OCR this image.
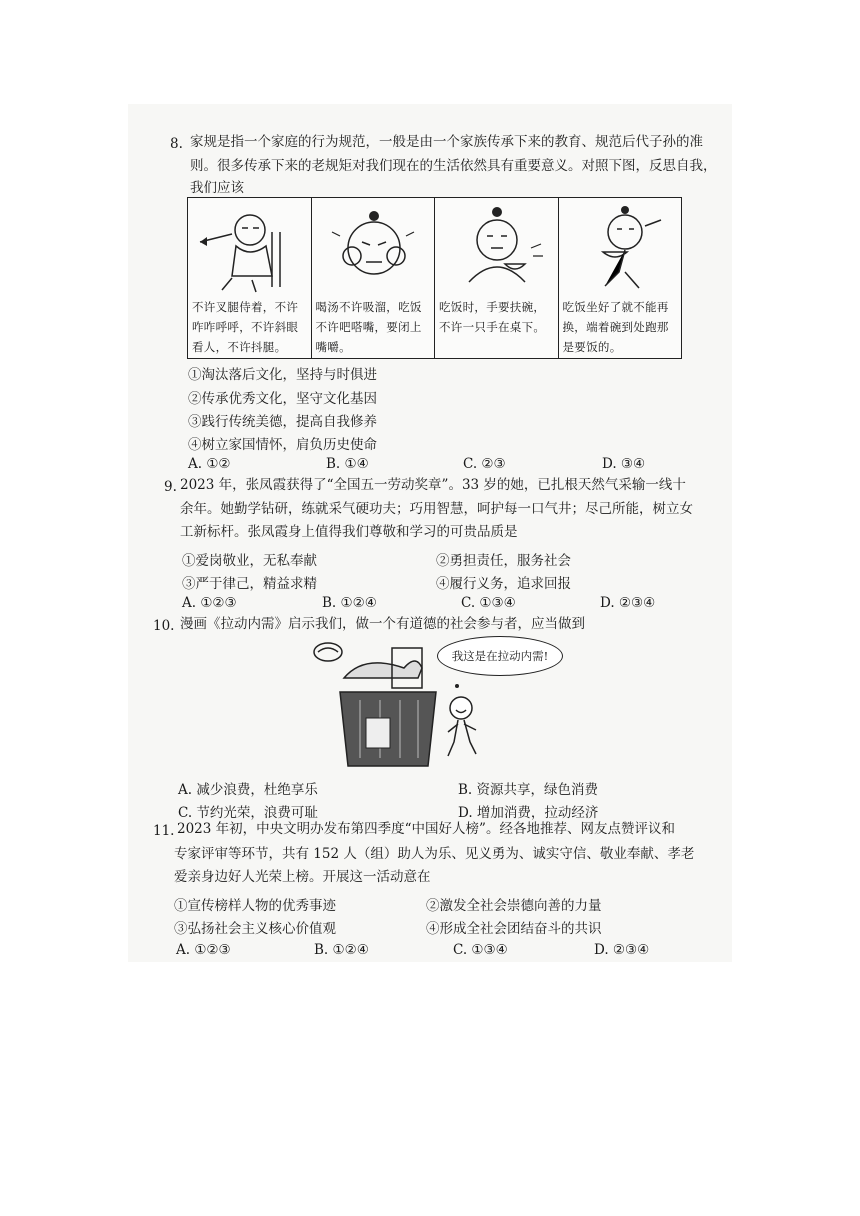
8. 家规是指一个家庭的行为规范，一般是由一个家族传承下来的教育、规范后代子孙的准
则。很多传承下来的老规矩对我们现在的生活依然具有重要意义。对照下图，反思自我，
我们应该
不许叉腿侍着，不许咋咋呼呼，不许斜眼看人，不许抖腿。
喝汤不许吸溜，吃饭不许吧嗒嘴，要闭上嘴嚼。
吃饭时，手要扶碗，不许一只手在桌下。
吃饭坐好了就不能再换，端着碗到处跑那是要饭的。
①淘汰落后文化，坚持与时俱进
②传承优秀文化，坚守文化基因
③践行传统美德，提高自我修养
④树立家国情怀，肩负历史使命
A. ①②	B. ①④	C. ②③	D. ③④
9. 2023 年，张凤霞获得了“全国五一劳动奖章”。33 岁的她，已扎根天然气采输一线十
余年。她勤学钻研，练就采气硬功夫；巧用智慧，呵护每一口气井；尽己所能，树立女
工新标杆。张凤霞身上值得我们尊敬和学习的可贵品质是
①爱岗敬业，无私奉献	②勇担责任，服务社会
③严于律己，精益求精	④履行义务，追求回报
A. ①②③	B. ①②④	C. ①③④	D. ②③④
10. 漫画《拉动内需》启示我们，做一个有道德的社会参与者，应当做到
我这是在拉动内需!
A. 减少浪费，杜绝享乐	B. 资源共享，绿色消费
C. 节约光荣，浪费可耻	D. 增加消费，拉动经济
11. 2023 年初，中央文明办发布第四季度“中国好人榜”。经各地推荐、网友点赞评议和
专家评审等环节，共有 152 人（组）助人为乐、见义勇为、诚实守信、敬业奉献、孝老
爱亲身边好人光荣上榜。开展这一活动意在
①宣传榜样人物的优秀事迹	②激发全社会崇德向善的力量
③弘扬社会主义核心价值观	④形成全社会团结奋斗的共识
A. ①②③	B. ①②④	C. ①③④	D. ②③④
